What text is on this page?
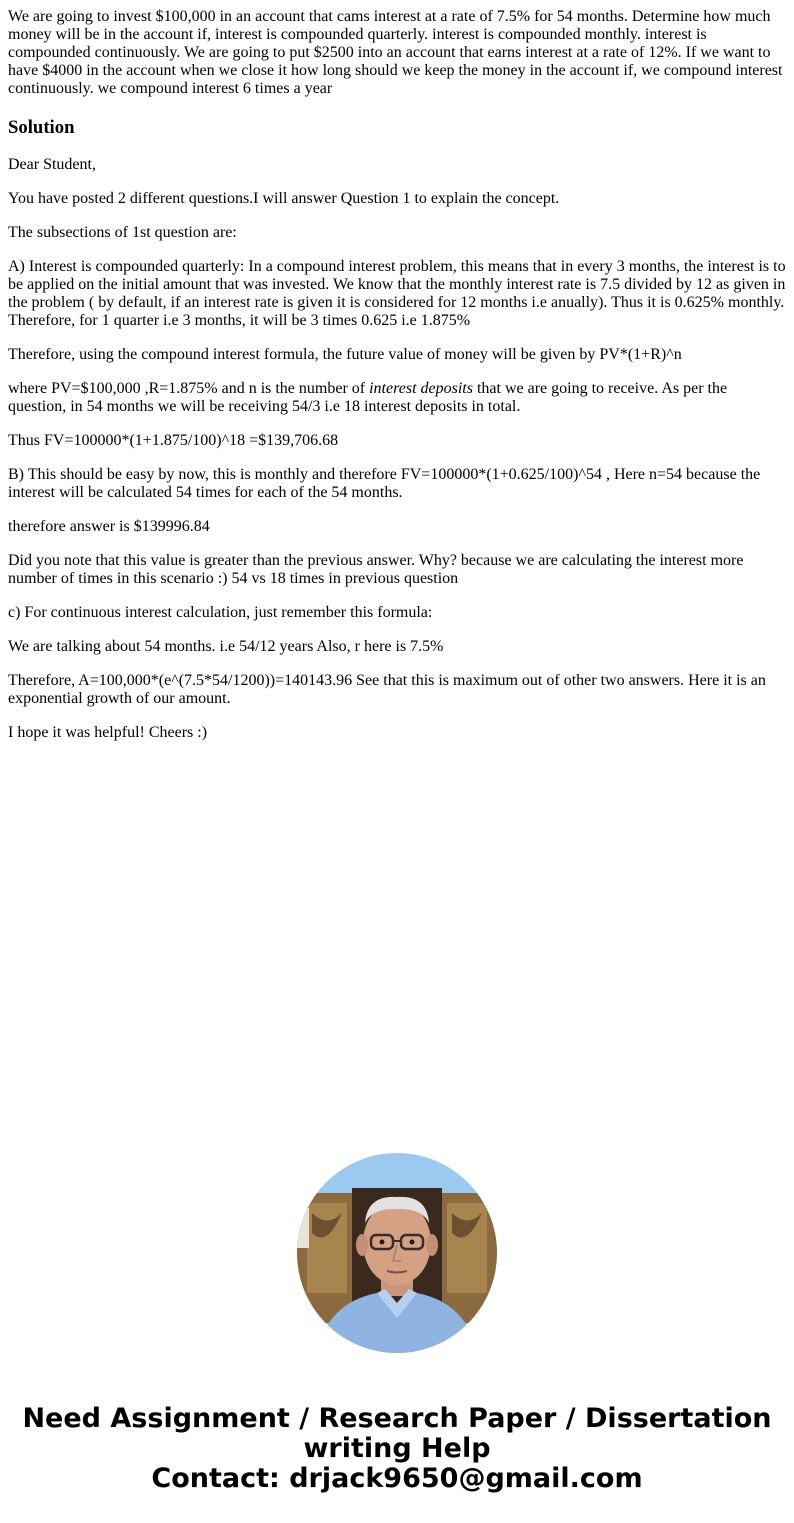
We are going to invest $100,000 in an account that cams interest at a rate of 7.5% for 54 months. Determine how much money will be in the account if, interest is compounded quarterly. interest is compounded monthly. interest is compounded continuously. We are going to put $2500 into an account that earns interest at a rate of 12%. If we want to have $4000 in the account when we close it how long should we keep the money in the account if, we compound interest continuously. we compound interest 6 times a year
Solution

Dear Student,

You have posted 2 different questions.I will answer Question 1 to explain the concept.

The subsections of 1st question are:

A) Interest is compounded quarterly: In a compound interest problem, this means that in every 3 months, the interest is to be applied on the initial amount that was invested. We know that the monthly interest rate is 7.5 divided by 12 as given in the problem ( by default, if an interest rate is given it is considered for 12 months i.e anually). Thus it is 0.625% monthly. Therefore, for 1 quarter i.e 3 months, it will be 3 times 0.625 i.e 1.875%

Therefore, using the compound interest formula, the future value of money will be given by PV*(1+R)^n

where PV=$100,000 ,R=1.875% and n is the number of interest deposits that we are going to receive. As per the question, in 54 months we will be receiving 54/3 i.e 18 interest deposits in total.

Thus FV=100000*(1+1.875/100)^18 =$139,706.68

B) This should be easy by now, this is monthly and therefore FV=100000*(1+0.625/100)^54 , Here n=54 because the interest will be calculated 54 times for each of the 54 months.

therefore answer is $139996.84

Did you note that this value is greater than the previous answer. Why? because we are calculating the interest more number of times in this scenario :) 54 vs 18 times in previous question

c) For continuous interest calculation, just remember this formula:

We are talking about 54 months. i.e 54/12 years Also, r here is 7.5%

Therefore, A=100,000*(e^(7.5*54/1200))=140143.96 See that this is maximum out of other two answers. Here it is an exponential growth of our amount.

I hope it was helpful! Cheers :)

Need Assignment / Research Paper / Dissertation
writing Help
Contact: drjack9650@gmail.com
